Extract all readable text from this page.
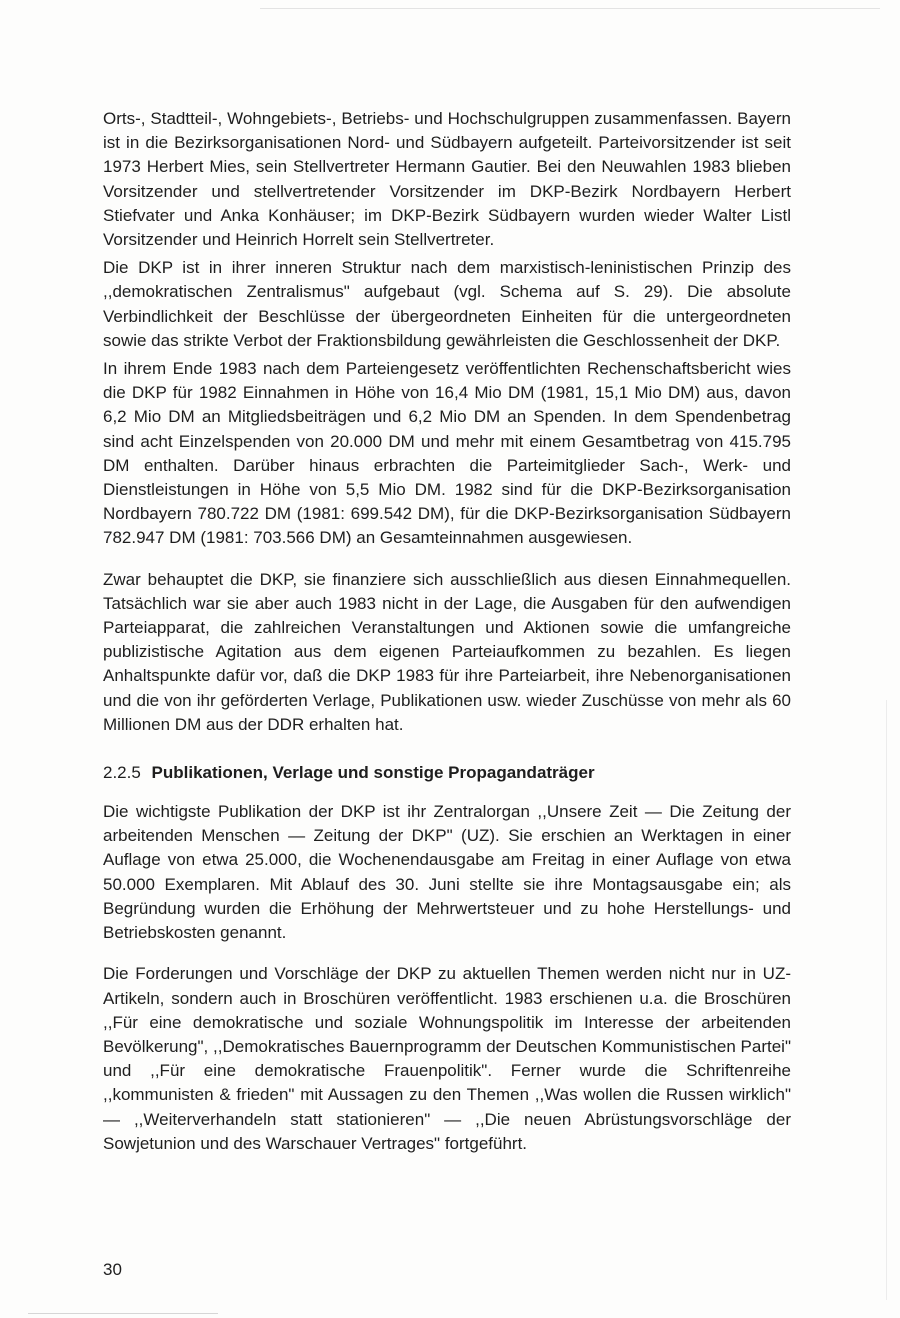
Orts-, Stadtteil-, Wohngebiets-, Betriebs- und Hochschulgruppen zusammenfassen. Bayern ist in die Bezirksorganisationen Nord- und Südbayern aufgeteilt. Parteivorsitzender ist seit 1973 Herbert Mies, sein Stellvertreter Hermann Gautier. Bei den Neuwahlen 1983 blieben Vorsitzender und stellvertretender Vorsitzender im DKP-Bezirk Nordbayern Herbert Stiefvater und Anka Konhäuser; im DKP-Bezirk Südbayern wurden wieder Walter Listl Vorsitzender und Heinrich Horrelt sein Stellvertreter.

Die DKP ist in ihrer inneren Struktur nach dem marxistisch-leninistischen Prinzip des ,,demokratischen Zentralismus" aufgebaut (vgl. Schema auf S. 29). Die absolute Verbindlichkeit der Beschlüsse der übergeordneten Einheiten für die untergeordneten sowie das strikte Verbot der Fraktionsbildung gewährleisten die Geschlossenheit der DKP.

In ihrem Ende 1983 nach dem Parteiengesetz veröffentlichten Rechenschaftsbericht wies die DKP für 1982 Einnahmen in Höhe von 16,4 Mio DM (1981, 15,1 Mio DM) aus, davon 6,2 Mio DM an Mitgliedsbeiträgen und 6,2 Mio DM an Spenden. In dem Spendenbetrag sind acht Einzelspenden von 20.000 DM und mehr mit einem Gesamtbetrag von 415.795 DM enthalten. Darüber hinaus erbrachten die Parteimitglieder Sach-, Werk- und Dienstleistungen in Höhe von 5,5 Mio DM. 1982 sind für die DKP-Bezirksorganisation Nordbayern 780.722 DM (1981: 699.542 DM), für die DKP-Bezirksorganisation Südbayern 782.947 DM (1981: 703.566 DM) an Gesamteinnahmen ausgewiesen.

Zwar behauptet die DKP, sie finanziere sich ausschließlich aus diesen Einnahmequellen. Tatsächlich war sie aber auch 1983 nicht in der Lage, die Ausgaben für den aufwendigen Parteiapparat, die zahlreichen Veranstaltungen und Aktionen sowie die umfangreiche publizistische Agitation aus dem eigenen Parteiaufkommen zu bezahlen. Es liegen Anhaltspunkte dafür vor, daß die DKP 1983 für ihre Parteiarbeit, ihre Nebenorganisationen und die von ihr geförderten Verlage, Publikationen usw. wieder Zuschüsse von mehr als 60 Millionen DM aus der DDR erhalten hat.

2.2.5 Publikationen, Verlage und sonstige Propagandaträger

Die wichtigste Publikation der DKP ist ihr Zentralorgan ,,Unsere Zeit — Die Zeitung der arbeitenden Menschen — Zeitung der DKP" (UZ). Sie erschien an Werktagen in einer Auflage von etwa 25.000, die Wochenendausgabe am Freitag in einer Auflage von etwa 50.000 Exemplaren. Mit Ablauf des 30. Juni stellte sie ihre Montagsausgabe ein; als Begründung wurden die Erhöhung der Mehrwertsteuer und zu hohe Herstellungs- und Betriebskosten genannt.

Die Forderungen und Vorschläge der DKP zu aktuellen Themen werden nicht nur in UZ-Artikeln, sondern auch in Broschüren veröffentlicht. 1983 erschienen u.a. die Broschüren ,,Für eine demokratische und soziale Wohnungspolitik im Interesse der arbeitenden Bevölkerung", ,,Demokratisches Bauernprogramm der Deutschen Kommunistischen Partei" und ,,Für eine demokratische Frauenpolitik". Ferner wurde die Schriftenreihe ,,kommunisten & frieden" mit Aussagen zu den Themen ,,Was wollen die Russen wirklich" — ,,Weiterverhandeln statt stationieren" — ,,Die neuen Abrüstungsvorschläge der Sowjetunion und des Warschauer Vertrages" fortgeführt.

30
